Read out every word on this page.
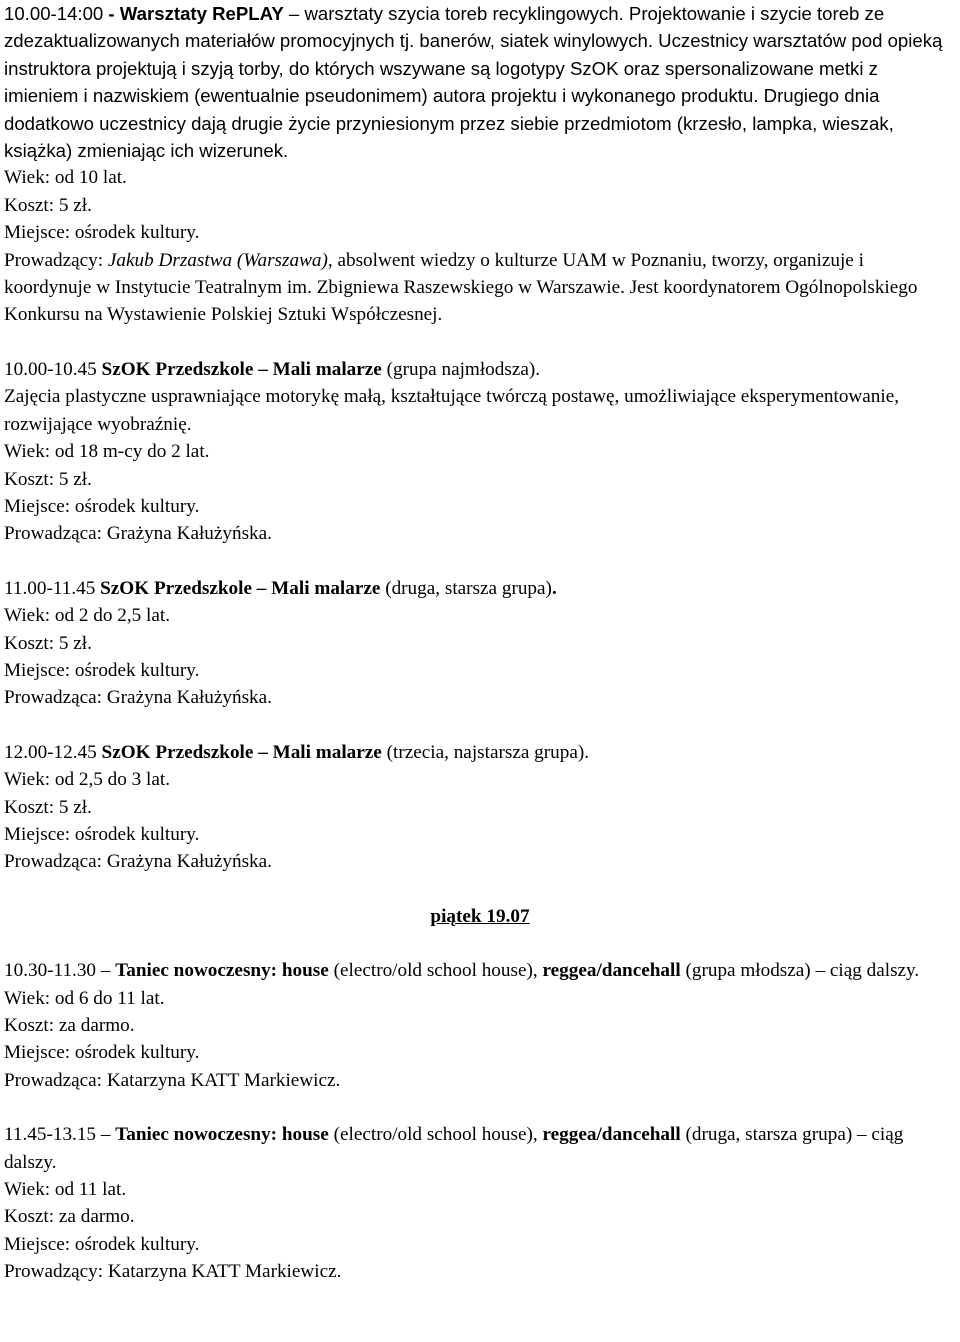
10.00-14:00 - Warsztaty RePLAY – warsztaty szycia toreb recyklingowych. Projektowanie i szycie toreb ze zdezaktualizowanych materiałów promocyjnych tj. banerów, siatek winylowych. Uczestnicy warsztatów pod opieką instruktora projektują i szyją torby, do których wszywane są logotypy SzOK oraz spersonalizowane metki z imieniem i nazwiskiem (ewentualnie pseudonimem) autora projektu i wykonanego produktu. Drugiego dnia dodatkowo uczestnicy dają drugie życie przyniesionym przez siebie przedmiotom (krzesło, lampka, wieszak, książka) zmieniając ich wizerunek.

Wiek: od 10 lat.

Koszt: 5 zł.

Miejsce: ośrodek kultury.

Prowadzący: Jakub Drzastwa (Warszawa), absolwent wiedzy o kulturze UAM w Poznaniu, tworzy, organizuje i koordynuje w Instytucie Teatralnym im. Zbigniewa Raszewskiego w Warszawie. Jest koordynatorem Ogólnopolskiego Konkursu na Wystawienie Polskiej Sztuki Współczesnej.

10.00-10.45 SzOK Przedszkole – Mali malarze (grupa najmłodsza).

Zajęcia plastyczne usprawniające motorykę małą, kształtujące twórczą postawę, umożliwiające eksperymentowanie, rozwijające wyobraźnię.

Wiek: od 18 m-cy do 2 lat.

Koszt: 5 zł.

Miejsce: ośrodek kultury.

Prowadząca: Grażyna Kałużyńska.

11.00-11.45 SzOK Przedszkole – Mali malarze (druga, starsza grupa).

Wiek: od 2 do 2,5 lat.

Koszt: 5 zł.

Miejsce: ośrodek kultury.

Prowadząca: Grażyna Kałużyńska.

12.00-12.45 SzOK Przedszkole – Mali malarze (trzecia, najstarsza grupa).

Wiek: od 2,5 do 3 lat.

Koszt: 5 zł.

Miejsce: ośrodek kultury.

Prowadząca: Grażyna Kałużyńska.

piątek 19.07

10.30-11.30 – Taniec nowoczesny: house (electro/old school house), reggea/dancehall (grupa młodsza) – ciąg dalszy.

Wiek: od 6 do 11 lat.

Koszt: za darmo.

Miejsce: ośrodek kultury.

Prowadząca: Katarzyna KATT Markiewicz.

11.45-13.15 – Taniec nowoczesny: house (electro/old school house), reggea/dancehall (druga, starsza grupa) – ciąg dalszy.

Wiek: od 11 lat.

Koszt: za darmo.

Miejsce: ośrodek kultury.

Prowadzący: Katarzyna KATT Markiewicz.
